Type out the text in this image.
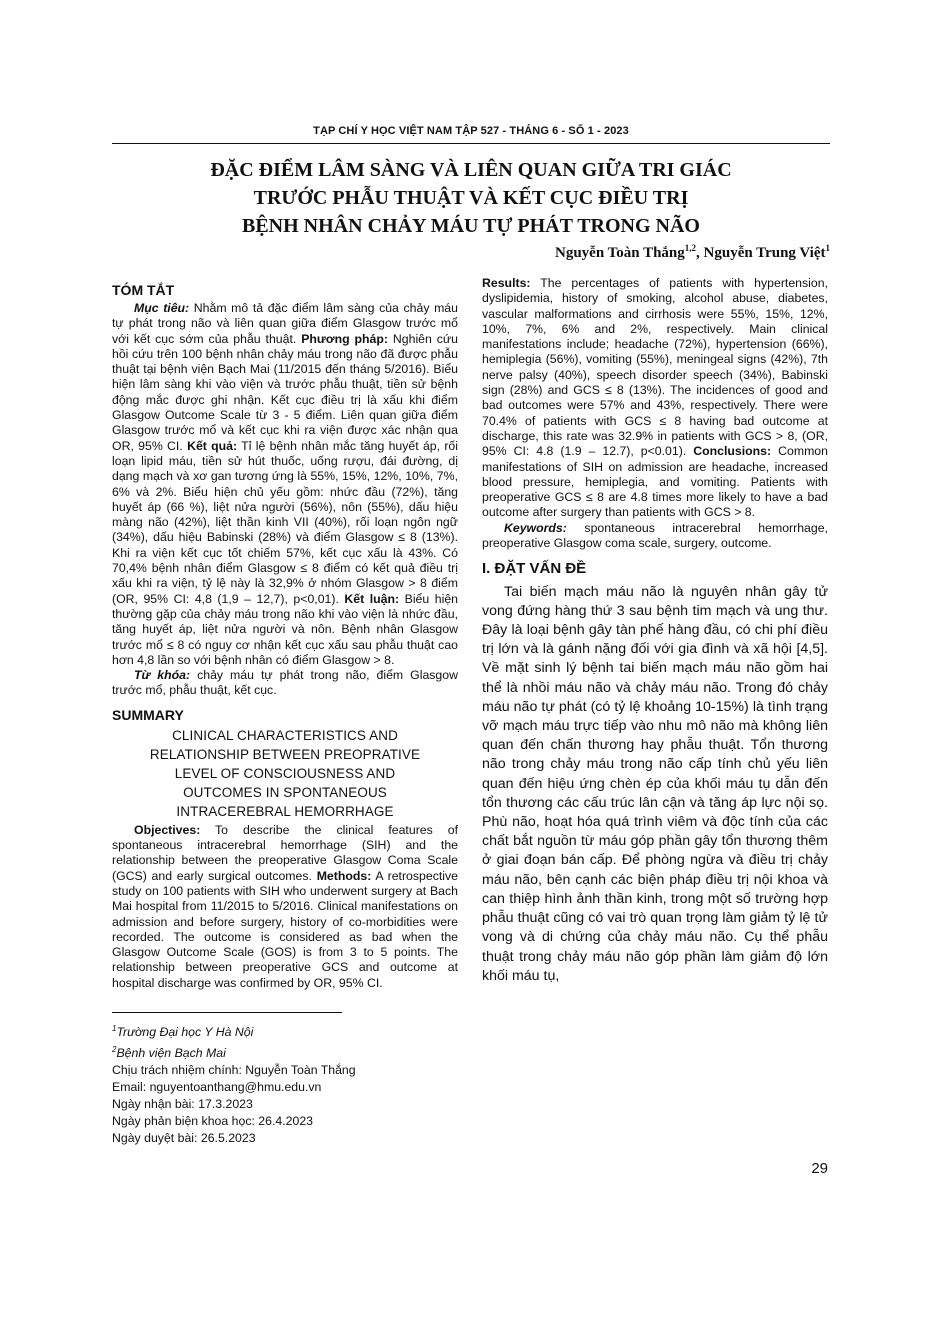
TẠP CHÍ Y HỌC VIỆT NAM TẬP 527 - THÁNG 6 - SỐ 1 - 2023
ĐẶC ĐIỂM LÂM SÀNG VÀ LIÊN QUAN GIỮA TRI GIÁC
TRƯỚC PHẪU THUẬT VÀ KẾT CỤC ĐIỀU TRỊ
BỆNH NHÂN CHẢY MÁU TỰ PHÁT TRONG NÃO
Nguyễn Toàn Thắng$^{1,2}$, Nguyễn Trung Việt$^1$
TÓM TẮT

Mục tiêu: Nhằm mô tả đặc điểm lâm sàng của chảy máu tự phát trong não và liên quan giữa điểm Glasgow trước mổ với kết cục sớm của phẫu thuật. Phương pháp: Nghiên cứu hồi cứu trên 100 bệnh nhân chảy máu trong não đã được phẫu thuật tại bệnh viện Bạch Mai (11/2015 đến tháng 5/2016). Biểu hiện lâm sàng khi vào viện và trước phẫu thuật, tiền sử bệnh động mắc được ghi nhận. Kết cục điều trị là xấu khi điểm Glasgow Outcome Scale từ 3 - 5 điểm. Liên quan giữa điểm Glasgow trước mổ và kết cục khi ra viện được xác nhận qua OR, 95% CI. Kết quả: Tỉ lệ bệnh nhân mắc tăng huyết áp, rối loạn lipid máu, tiền sử hút thuốc, uống rượu, đái đường, dị dạng mạch và xơ gan tương ứng là 55%, 15%, 12%, 10%, 7%, 6% và 2%. Biểu hiện chủ yếu gồm: nhức đầu (72%), tăng huyết áp (66 %), liệt nửa người (56%), nôn (55%), dấu hiệu màng não (42%), liệt thần kinh VII (40%), rối loạn ngôn ngữ (34%), dấu hiệu Babinski (28%) và điểm Glasgow ≤ 8 (13%). Khi ra viện kết cục tốt chiếm 57%, kết cục xấu là 43%. Có 70,4% bệnh nhân điểm Glasgow ≤ 8 điểm có kết quả điều trị xấu khi ra viện, tỷ lệ này là 32,9% ở nhóm Glasgow > 8 điểm (OR, 95% CI: 4,8 (1,9 – 12,7), p<0,01). Kết luận: Biểu hiện thường gặp của chảy máu trong não khi vào viện là nhức đầu, tăng huyết áp, liệt nửa người và nôn. Bệnh nhân Glasgow trước mổ ≤ 8 có nguy cơ nhận kết cục xấu sau phẫu thuật cao hơn 4,8 lần so với bệnh nhân có điểm Glasgow > 8.

Từ khóa: chảy máu tự phát trong não, điểm Glasgow trước mổ, phẫu thuật, kết cục.

SUMMARY
CLINICAL CHARACTERISTICS AND
RELATIONSHIP BETWEEN PREOPRATIVE
LEVEL OF CONSCIOUSNESS AND
OUTCOMES IN SPONTANEOUS
INTRACEREBRAL HEMORRHAGE

Objectives: To describe the clinical features of spontaneous intracerebral hemorrhage (SIH) and the relationship between the preoperative Glasgow Coma Scale (GCS) and early surgical outcomes. Methods: A retrospective study on 100 patients with SIH who underwent surgery at Bach Mai hospital from 11/2015 to 5/2016. Clinical manifestations on admission and before surgery, history of co-morbidities were recorded. The outcome is considered as bad when the Glasgow Outcome Scale (GOS) is from 3 to 5 points. The relationship between preoperative GCS and outcome at hospital discharge was confirmed by OR, 95% CI.

$^1$Trường Đại học Y Hà Nội
$^2$Bệnh viện Bạch Mai
Chịu trách nhiệm chính: Nguyễn Toàn Thắng
Email: nguyentoanthang@hmu.edu.vn
Ngày nhận bài: 17.3.2023
Ngày phản biện khoa học: 26.4.2023
Ngày duyệt bài: 26.5.2023

Results: The percentages of patients with hypertension, dyslipidemia, history of smoking, alcohol abuse, diabetes, vascular malformations and cirrhosis were 55%, 15%, 12%, 10%, 7%, 6% and 2%, respectively. Main clinical manifestations include; headache (72%), hypertension (66%), hemiplegia (56%), vomiting (55%), meningeal signs (42%), 7th nerve palsy (40%), speech disorder speech (34%), Babinski sign (28%) and GCS ≤ 8 (13%). The incidences of good and bad outcomes were 57% and 43%, respectively. There were 70.4% of patients with GCS ≤ 8 having bad outcome at discharge, this rate was 32.9% in patients with GCS > 8, (OR, 95% CI: 4.8 (1.9 – 12.7), p<0.01). Conclusions: Common manifestations of SIH on admission are headache, increased blood pressure, hemiplegia, and vomiting. Patients with preoperative GCS ≤ 8 are 4.8 times more likely to have a bad outcome after surgery than patients with GCS > 8.

Keywords: spontaneous intracerebral hemorrhage, preoperative Glasgow coma scale, surgery, outcome.

I. ĐẶT VẤN ĐỀ

Tai biến mạch máu não là nguyên nhân gây tử vong đứng hàng thứ 3 sau bệnh tim mạch và ung thư. Đây là loại bệnh gây tàn phế hàng đầu, có chi phí điều trị lớn và là gánh nặng đối với gia đình và xã hội [4,5]. Về mặt sinh lý bệnh tai biến mạch máu não gồm hai thể là nhồi máu não và chảy máu não. Trong đó chảy máu não tự phát (có tỷ lệ khoảng 10-15%) là tình trạng vỡ mạch máu trực tiếp vào nhu mô não mà không liên quan đến chấn thương hay phẫu thuật. Tổn thương não trong chảy máu trong não cấp tính chủ yếu liên quan đến hiệu ứng chèn ép của khối máu tụ dẫn đến tổn thương các cấu trúc lân cận và tăng áp lực nội sọ. Phù não, hoạt hóa quá trình viêm và độc tính của các chất bắt nguồn từ máu góp phần gây tổn thương thêm ở giai đoạn bán cấp. Để phòng ngừa và điều trị chảy máu não, bên cạnh các biện pháp điều trị nội khoa và can thiệp hình ảnh thần kinh, trong một số trường hợp phẫu thuật cũng có vai trò quan trọng làm giảm tỷ lệ tử vong và di chứng của chảy máu não. Cụ thể phẫu thuật trong chảy máu não góp phần làm giảm độ lớn khối máu tụ,

29
